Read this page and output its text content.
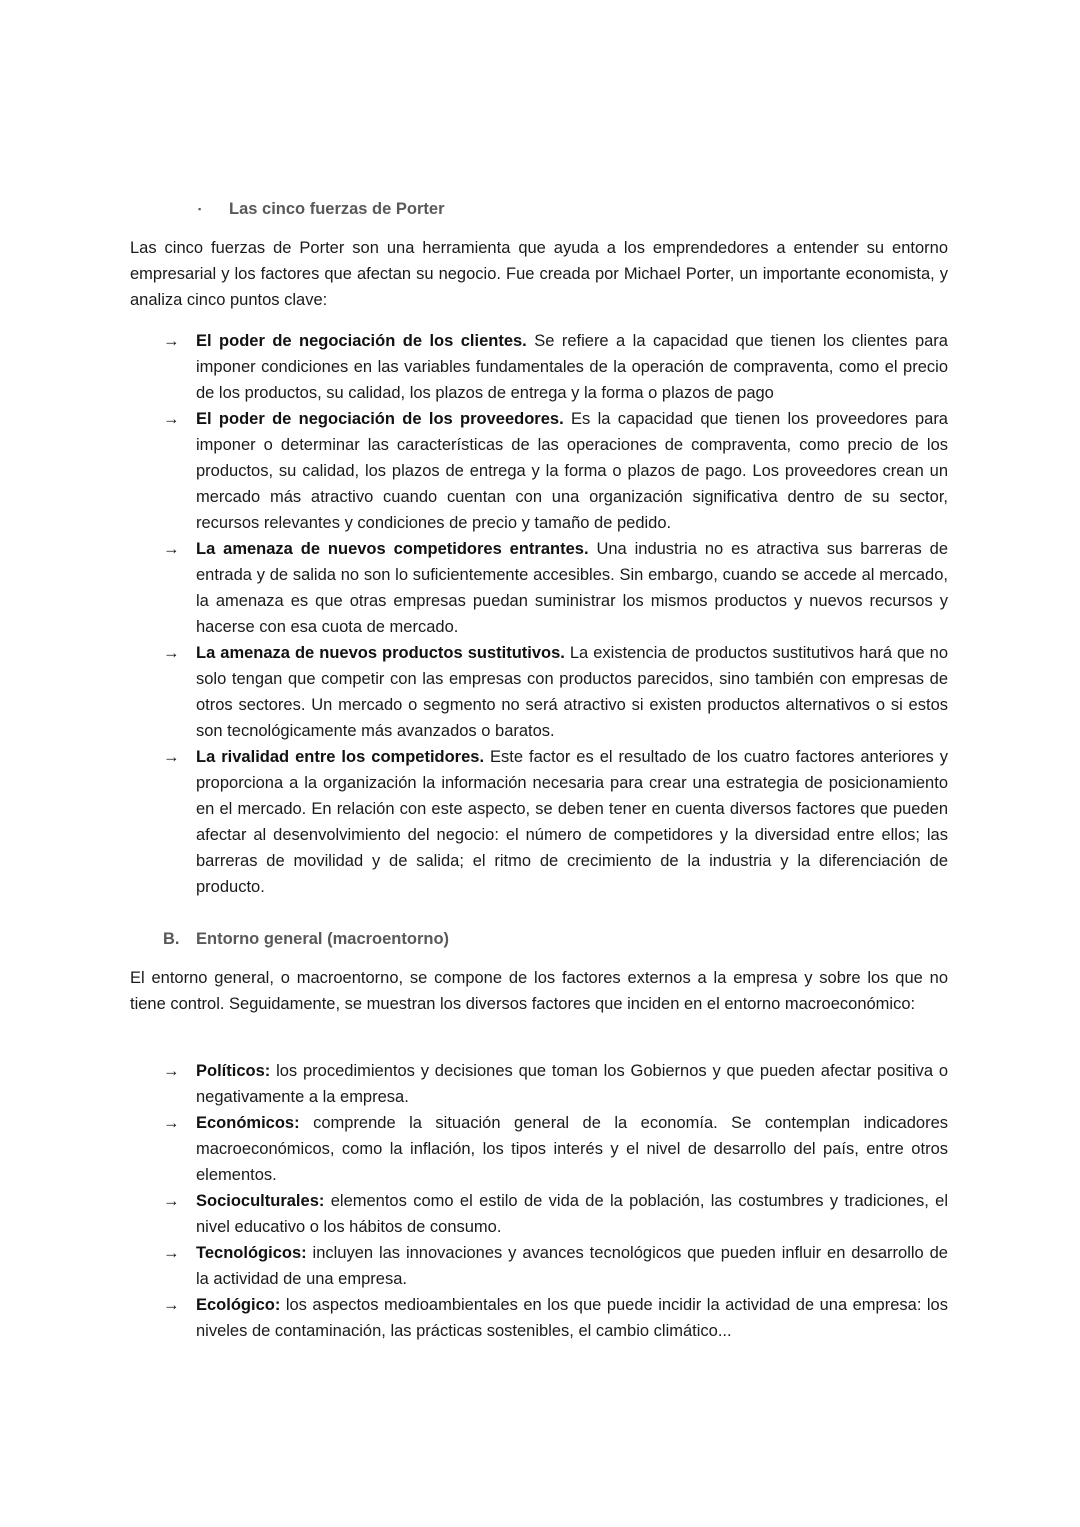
▪ Las cinco fuerzas de Porter

Las cinco fuerzas de Porter son una herramienta que ayuda a los emprendedores a entender su entorno empresarial y los factores que afectan su negocio. Fue creada por Michael Porter, un importante economista, y analiza cinco puntos clave:

→ El poder de negociación de los clientes. Se refiere a la capacidad que tienen los clientes para imponer condiciones en las variables fundamentales de la operación de compraventa, como el precio de los productos, su calidad, los plazos de entrega y la forma o plazos de pago
→ El poder de negociación de los proveedores. Es la capacidad que tienen los proveedores para imponer o determinar las características de las operaciones de compraventa, como precio de los productos, su calidad, los plazos de entrega y la forma o plazos de pago. Los proveedores crean un mercado más atractivo cuando cuentan con una organización significativa dentro de su sector, recursos relevantes y condiciones de precio y tamaño de pedido.
→ La amenaza de nuevos competidores entrantes. Una industria no es atractiva sus barreras de entrada y de salida no son lo suficientemente accesibles. Sin embargo, cuando se accede al mercado, la amenaza es que otras empresas puedan suministrar los mismos productos y nuevos recursos y hacerse con esa cuota de mercado.
→ La amenaza de nuevos productos sustitutivos. La existencia de productos sustitutivos hará que no solo tengan que competir con las empresas con productos parecidos, sino también con empresas de otros sectores. Un mercado o segmento no será atractivo si existen productos alternativos o si estos son tecnológicamente más avanzados o baratos.
→ La rivalidad entre los competidores. Este factor es el resultado de los cuatro factores anteriores y proporciona a la organización la información necesaria para crear una estrategia de posicionamiento en el mercado. En relación con este aspecto, se deben tener en cuenta diversos factores que pueden afectar al desenvolvimiento del negocio: el número de competidores y la diversidad entre ellos; las barreras de movilidad y de salida; el ritmo de crecimiento de la industria y la diferenciación de producto.
B. Entorno general (macroentorno)

El entorno general, o macroentorno, se compone de los factores externos a la empresa y sobre los que no tiene control. Seguidamente, se muestran los diversos factores que inciden en el entorno macroeconómico:

→ Políticos: los procedimientos y decisiones que toman los Gobiernos y que pueden afectar positiva o negativamente a la empresa.
→ Económicos: comprende la situación general de la economía. Se contemplan indicadores macroeconómicos, como la inflación, los tipos interés y el nivel de desarrollo del país, entre otros elementos.
→ Socioculturales: elementos como el estilo de vida de la población, las costumbres y tradiciones, el nivel educativo o los hábitos de consumo.
→ Tecnológicos: incluyen las innovaciones y avances tecnológicos que pueden influir en desarrollo de la actividad de una empresa.
→ Ecológico: los aspectos medioambientales en los que puede incidir la actividad de una empresa: los niveles de contaminación, las prácticas sostenibles, el cambio climático...
